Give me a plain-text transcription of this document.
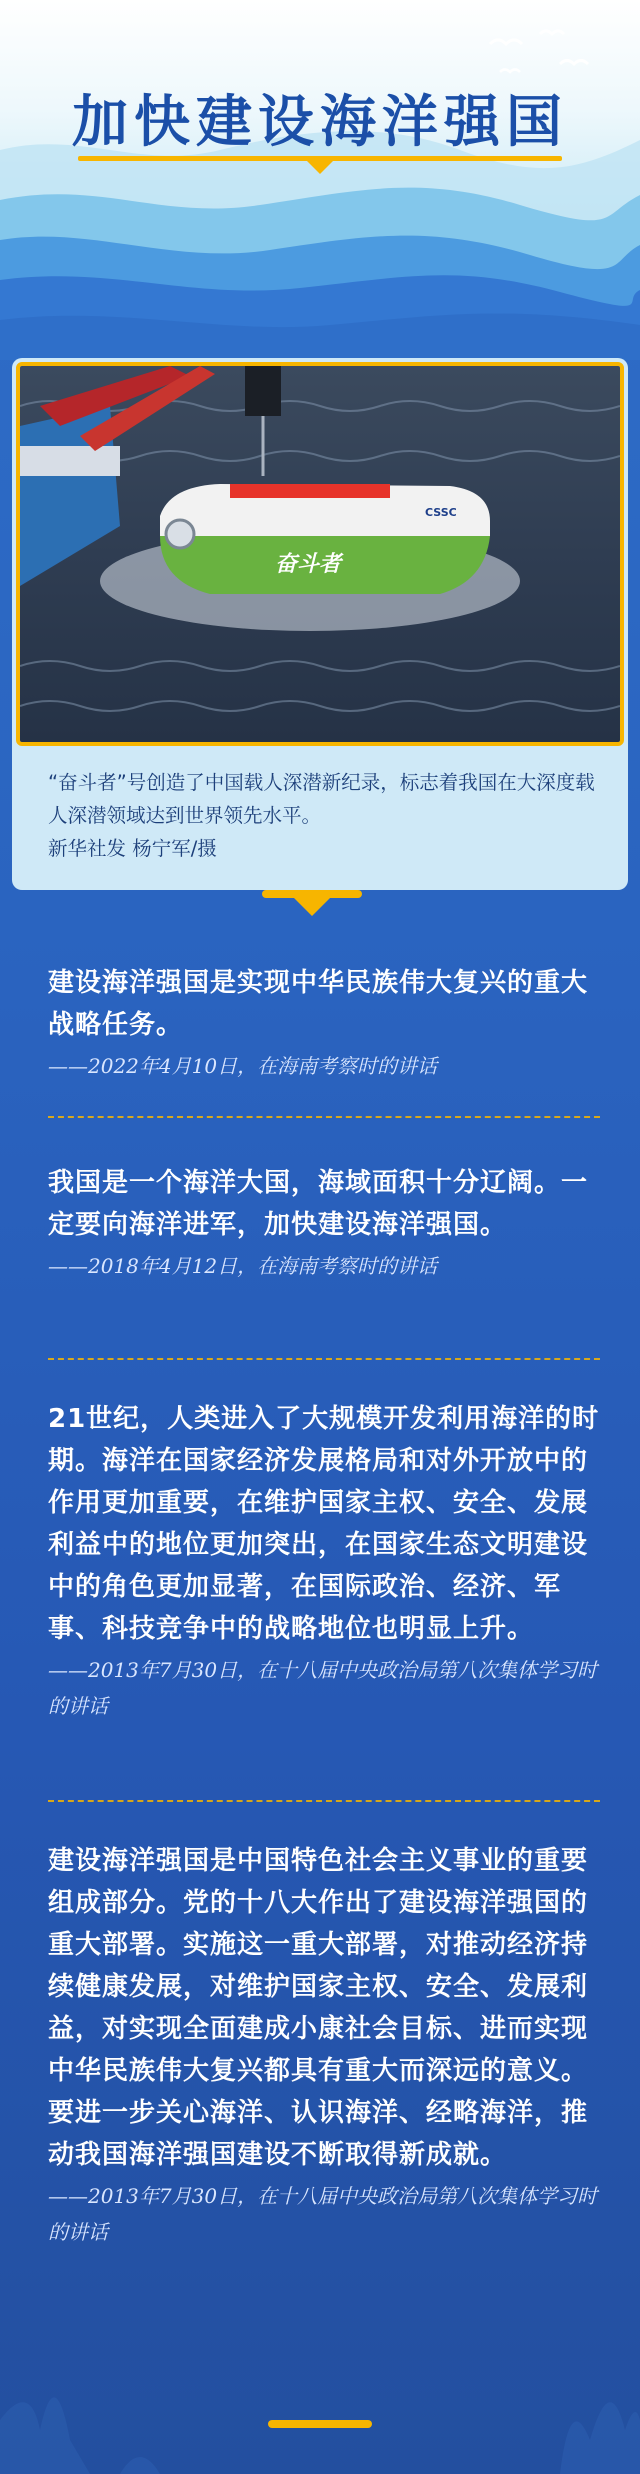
加快建设海洋强国
奋斗者
CSSC
“奋斗者”号创造了中国载人深潜新纪录，标志着我国在大深度载人深潜领域达到世界领先水平。
新华社发 杨宁军/摄
建设海洋强国是实现中华民族伟大复兴的重大战略任务。
——2022年4月10日，在海南考察时的讲话
我国是一个海洋大国，海域面积十分辽阔。一定要向海洋进军，加快建设海洋强国。
——2018年4月12日，在海南考察时的讲话
21世纪，人类进入了大规模开发利用海洋的时期。海洋在国家经济发展格局和对外开放中的作用更加重要，在维护国家主权、安全、发展利益中的地位更加突出，在国家生态文明建设中的角色更加显著，在国际政治、经济、军事、科技竞争中的战略地位也明显上升。
——2013年7月30日，在十八届中央政治局第八次集体学习时的讲话
建设海洋强国是中国特色社会主义事业的重要组成部分。党的十八大作出了建设海洋强国的重大部署。实施这一重大部署，对推动经济持续健康发展，对维护国家主权、安全、发展利益，对实现全面建成小康社会目标、进而实现中华民族伟大复兴都具有重大而深远的意义。要进一步关心海洋、认识海洋、经略海洋，推动我国海洋强国建设不断取得新成就。
——2013年7月30日，在十八届中央政治局第八次集体学习时的讲话
